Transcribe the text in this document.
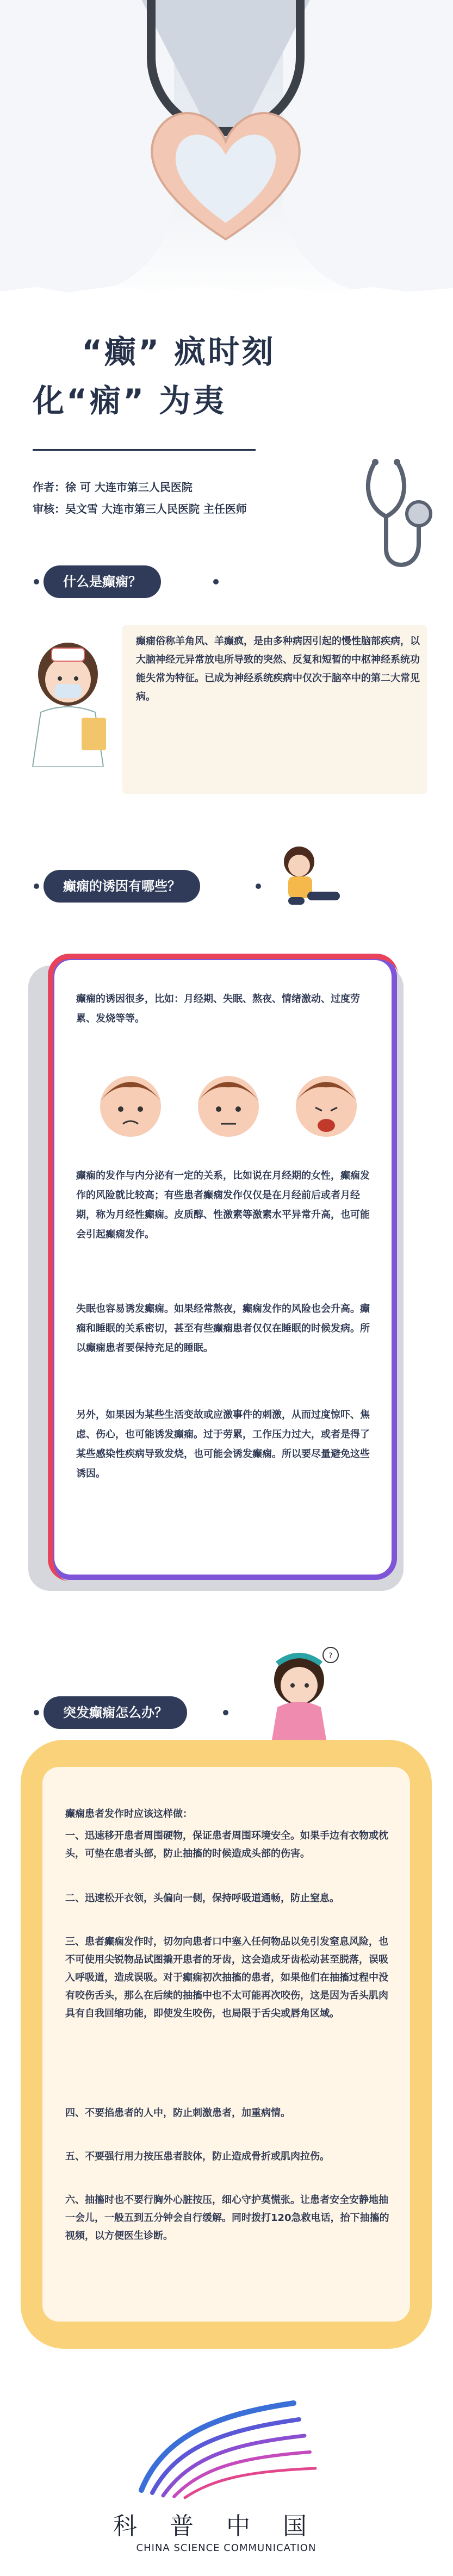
“癫” 疯时刻
化“痫” 为夷
作者：徐 可 大连市第三人民医院
审核：吴文雪 大连市第三人民医院 主任医师
什么是癫痫？
癫痫俗称羊角风、羊癫疯，是由多种病因引起的慢性脑部疾病，以大脑神经元异常放电所导致的突然、反复和短暂的中枢神经系统功能失常为特征。已成为神经系统疾病中仅次于脑卒中的第二大常见病。
癫痫的诱因有哪些？
癫痫的诱因很多，比如：月经期、失眠、熬夜、情绪激动、过度劳累、发烧等等。
癫痫的发作与内分泌有一定的关系，比如说在月经期的女性，癫痫发作的风险就比较高；有些患者癫痫发作仅仅是在月经前后或者月经期，称为月经性癫痫。皮质醇、性激素等激素水平异常升高，也可能会引起癫痫发作。
失眠也容易诱发癫痫。如果经常熬夜，癫痫发作的风险也会升高。癫痫和睡眠的关系密切，甚至有些癫痫患者仅仅在睡眠的时候发病。所以癫痫患者要保持充足的睡眠。
另外，如果因为某些生活变故或应激事件的刺激，从而过度惊吓、焦虑、伤心，也可能诱发癫痫。过于劳累，工作压力过大，或者是得了某些感染性疾病导致发烧，也可能会诱发癫痫。所以要尽量避免这些诱因。
突发癫痫怎么办？
?
癫痫患者发作时应该这样做：
一、迅速移开患者周围硬物，保证患者周围环境安全。如果手边有衣物或枕头，可垫在患者头部，防止抽搐的时候造成头部的伤害。
二、迅速松开衣领，头偏向一侧，保持呼吸道通畅，防止窒息。
三、患者癫痫发作时，切勿向患者口中塞入任何物品以免引发窒息风险，也不可使用尖锐物品试图撬开患者的牙齿，这会造成牙齿松动甚至脱落，误吸入呼吸道，造成误吸。对于癫痫初次抽搐的患者，如果他们在抽搐过程中没有咬伤舌头，那么在后续的抽搐中也不太可能再次咬伤，这是因为舌头肌肉具有自我回缩功能，即使发生咬伤，也局限于舌尖或唇角区域。
四、不要掐患者的人中，防止刺激患者，加重病情。
五、不要强行用力按压患者肢体，防止造成骨折或肌肉拉伤。
六、抽搐时也不要行胸外心脏按压，细心守护莫慌张。让患者安全安静地抽一会儿，一般五到五分钟会自行缓解。同时拨打120急救电话，抬下抽搐的视频，以方便医生诊断。
科普中国
CHINA SCIENCE COMMUNICATION
